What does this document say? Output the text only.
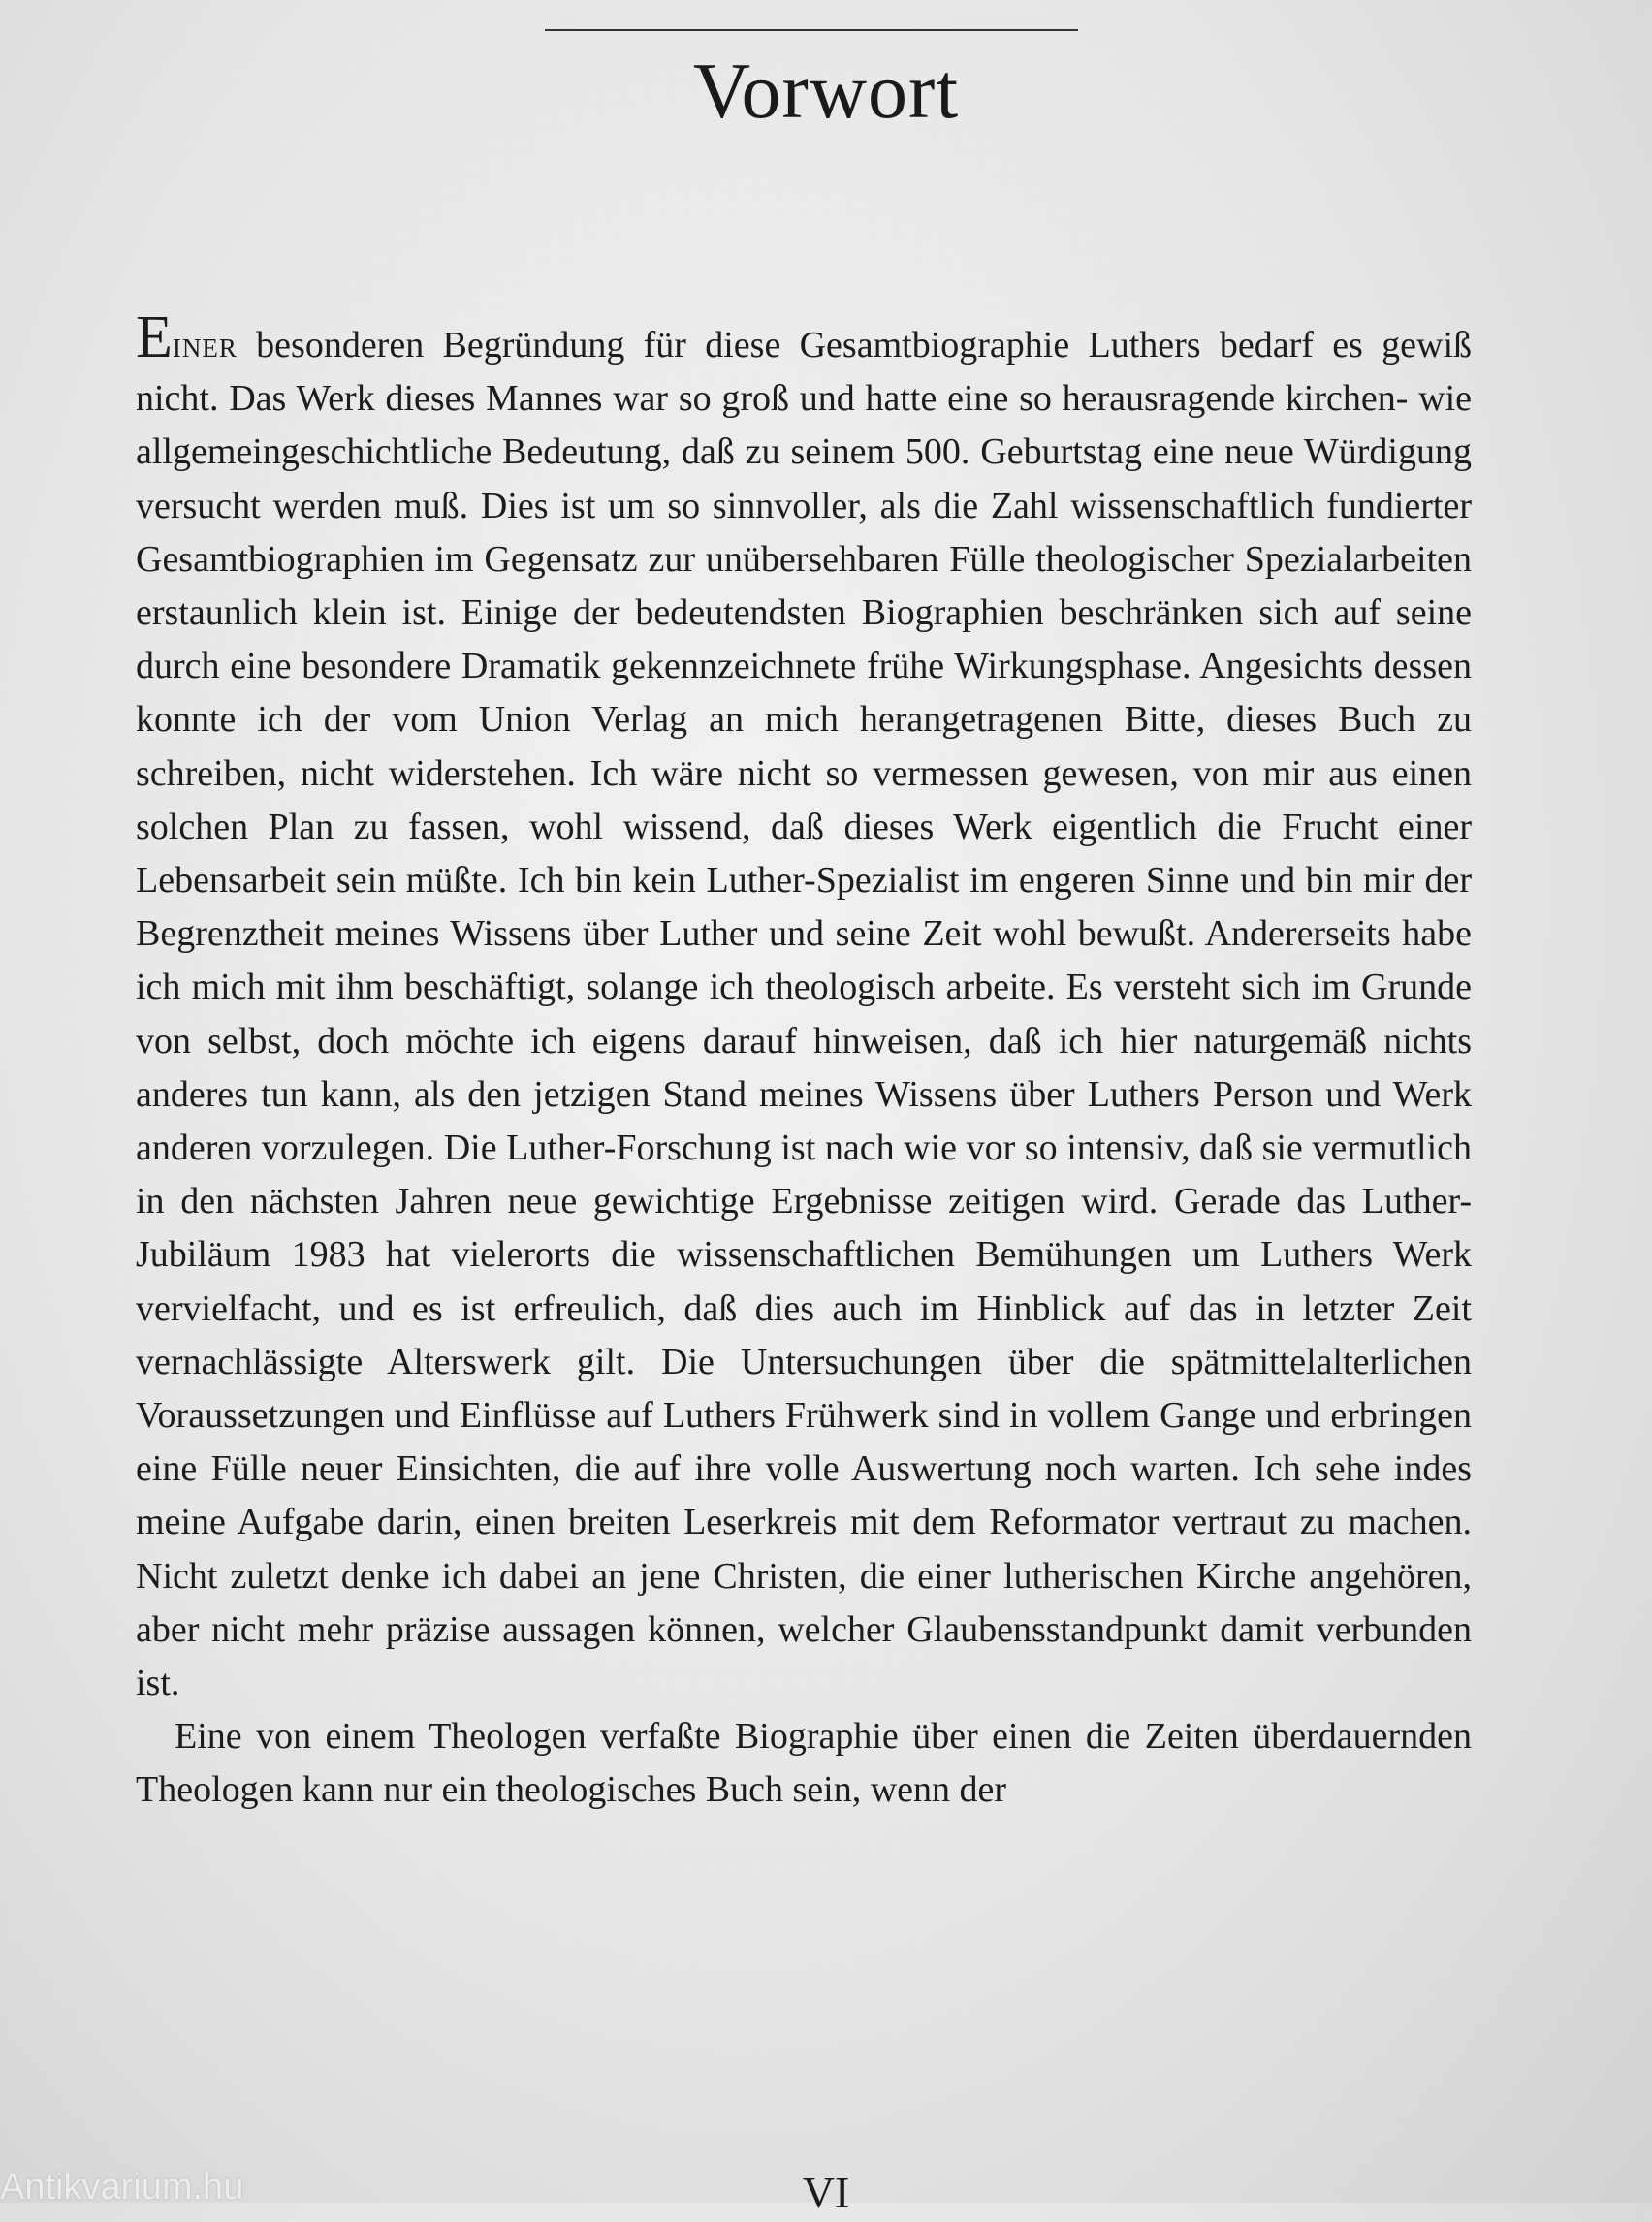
Vorwort

Einer besonderen Begründung für diese Gesamtbiographie Luthers bedarf es gewiß nicht. Das Werk dieses Mannes war so groß und hatte eine so herausragende kirchen- wie allgemeingeschichtliche Bedeutung, daß zu seinem 500. Geburtstag eine neue Würdigung versucht werden muß. Dies ist um so sinnvoller, als die Zahl wissenschaftlich fundierter Gesamtbiographien im Gegensatz zur unübersehbaren Fülle theologischer Spezialarbeiten erstaunlich klein ist. Einige der bedeutendsten Biographien beschränken sich auf seine durch eine besondere Dramatik gekennzeichnete frühe Wirkungsphase. Angesichts dessen konnte ich der vom Union Verlag an mich herangetragenen Bitte, dieses Buch zu schreiben, nicht widerstehen. Ich wäre nicht so vermessen gewesen, von mir aus einen solchen Plan zu fassen, wohl wissend, daß dieses Werk eigentlich die Frucht einer Lebensarbeit sein müßte. Ich bin kein Luther-Spezialist im engeren Sinne und bin mir der Begrenztheit meines Wissens über Luther und seine Zeit wohl bewußt. Andererseits habe ich mich mit ihm beschäftigt, solange ich theologisch arbeite. Es versteht sich im Grunde von selbst, doch möchte ich eigens darauf hinweisen, daß ich hier naturgemäß nichts anderes tun kann, als den jetzigen Stand meines Wissens über Luthers Person und Werk anderen vorzulegen. Die Luther-Forschung ist nach wie vor so intensiv, daß sie vermutlich in den nächsten Jahren neue gewichtige Ergebnisse zeitigen wird. Gerade das Luther-Jubiläum 1983 hat vielerorts die wissenschaftlichen Bemühungen um Luthers Werk vervielfacht, und es ist erfreulich, daß dies auch im Hinblick auf das in letzter Zeit vernachlässigte Alterswerk gilt. Die Untersuchungen über die spätmittelalterlichen Voraussetzungen und Einflüsse auf Luthers Frühwerk sind in vollem Gange und erbringen eine Fülle neuer Einsichten, die auf ihre volle Auswertung noch warten. Ich sehe indes meine Aufgabe darin, einen breiten Leserkreis mit dem Reformator vertraut zu machen. Nicht zuletzt denke ich dabei an jene Christen, die einer lutherischen Kirche angehören, aber nicht mehr präzise aussagen können, welcher Glaubensstandpunkt damit verbunden ist.

Eine von einem Theologen verfaßte Biographie über einen die Zeiten überdauernden Theologen kann nur ein theologisches Buch sein, wenn der

VI
Antikvarium.hu
